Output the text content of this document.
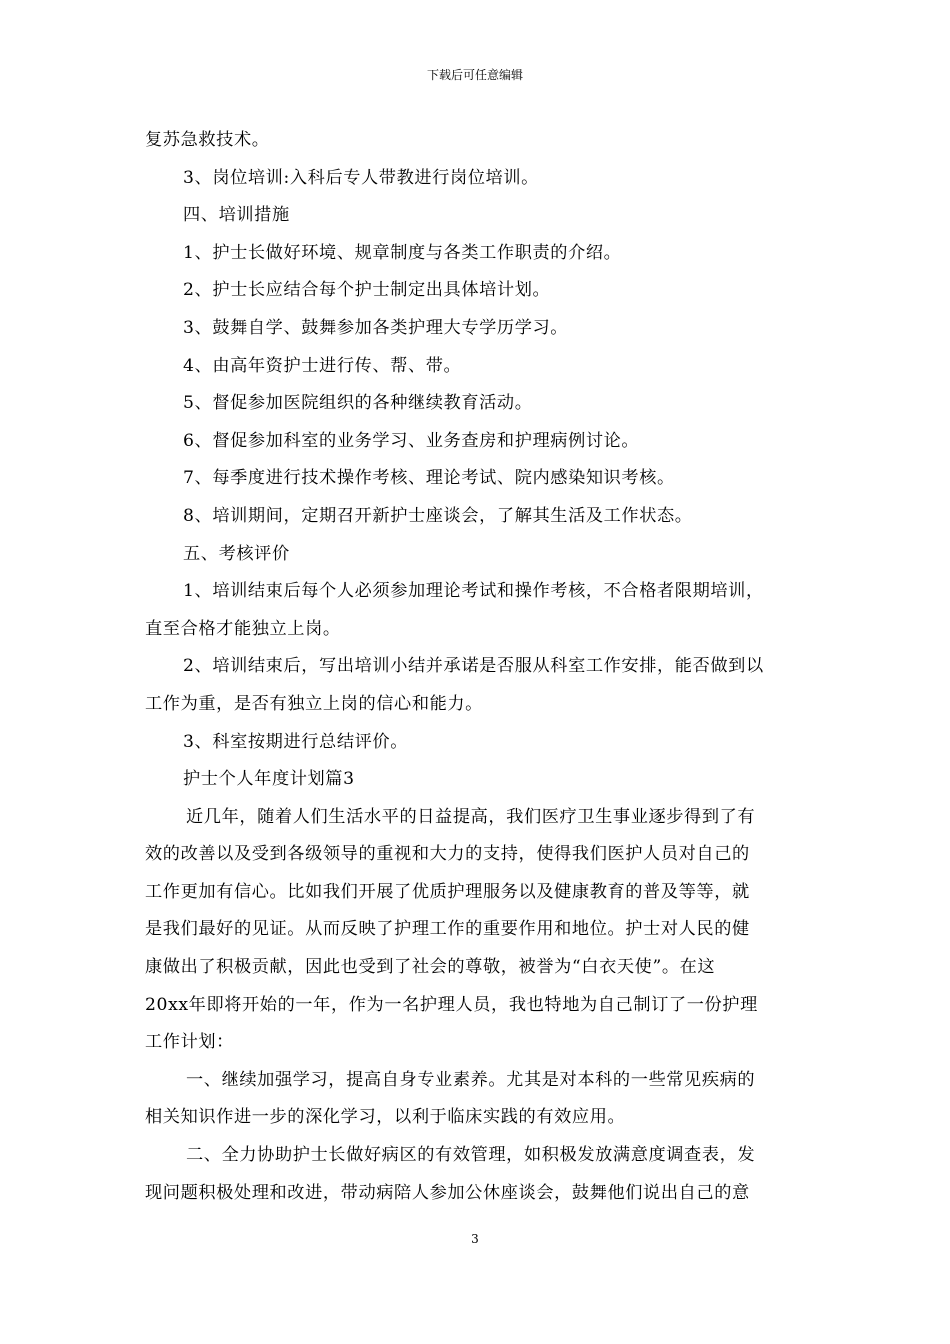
下载后可任意编辑

复苏急救技术。

3、岗位培训:入科后专人带教进行岗位培训。

四、培训措施

1、护士长做好环境、规章制度与各类工作职责的介绍。

2、护士长应结合每个护士制定出具体培计划。

3、鼓舞自学、鼓舞参加各类护理大专学历学习。

4、由高年资护士进行传、帮、带。

5、督促参加医院组织的各种继续教育活动。

6、督促参加科室的业务学习、业务查房和护理病例讨论。

7、每季度进行技术操作考核、理论考试、院内感染知识考核。

8、培训期间，定期召开新护士座谈会，了解其生活及工作状态。

五、考核评价

1、培训结束后每个人必须参加理论考试和操作考核，不合格者限期培训，

直至合格才能独立上岗。

2、培训结束后，写出培训小结并承诺是否服从科室工作安排，能否做到以

工作为重，是否有独立上岗的信心和能力。

3、科室按期进行总结评价。

护士个人年度计划篇3

近几年，随着人们生活水平的日益提高，我们医疗卫生事业逐步得到了有

效的改善以及受到各级领导的重视和大力的支持，使得我们医护人员对自己的

工作更加有信心。比如我们开展了优质护理服务以及健康教育的普及等等，就

是我们最好的见证。从而反映了护理工作的重要作用和地位。护士对人民的健

康做出了积极贡献，因此也受到了社会的尊敬，被誉为“白衣天使”。在这

20xx年即将开始的一年，作为一名护理人员，我也特地为自己制订了一份护理

工作计划：

一、继续加强学习，提高自身专业素养。尤其是对本科的一些常见疾病的

相关知识作进一步的深化学习，以利于临床实践的有效应用。

二、全力协助护士长做好病区的有效管理，如积极发放满意度调查表，发

现问题积极处理和改进，带动病陪人参加公休座谈会，鼓舞他们说出自己的意

3
